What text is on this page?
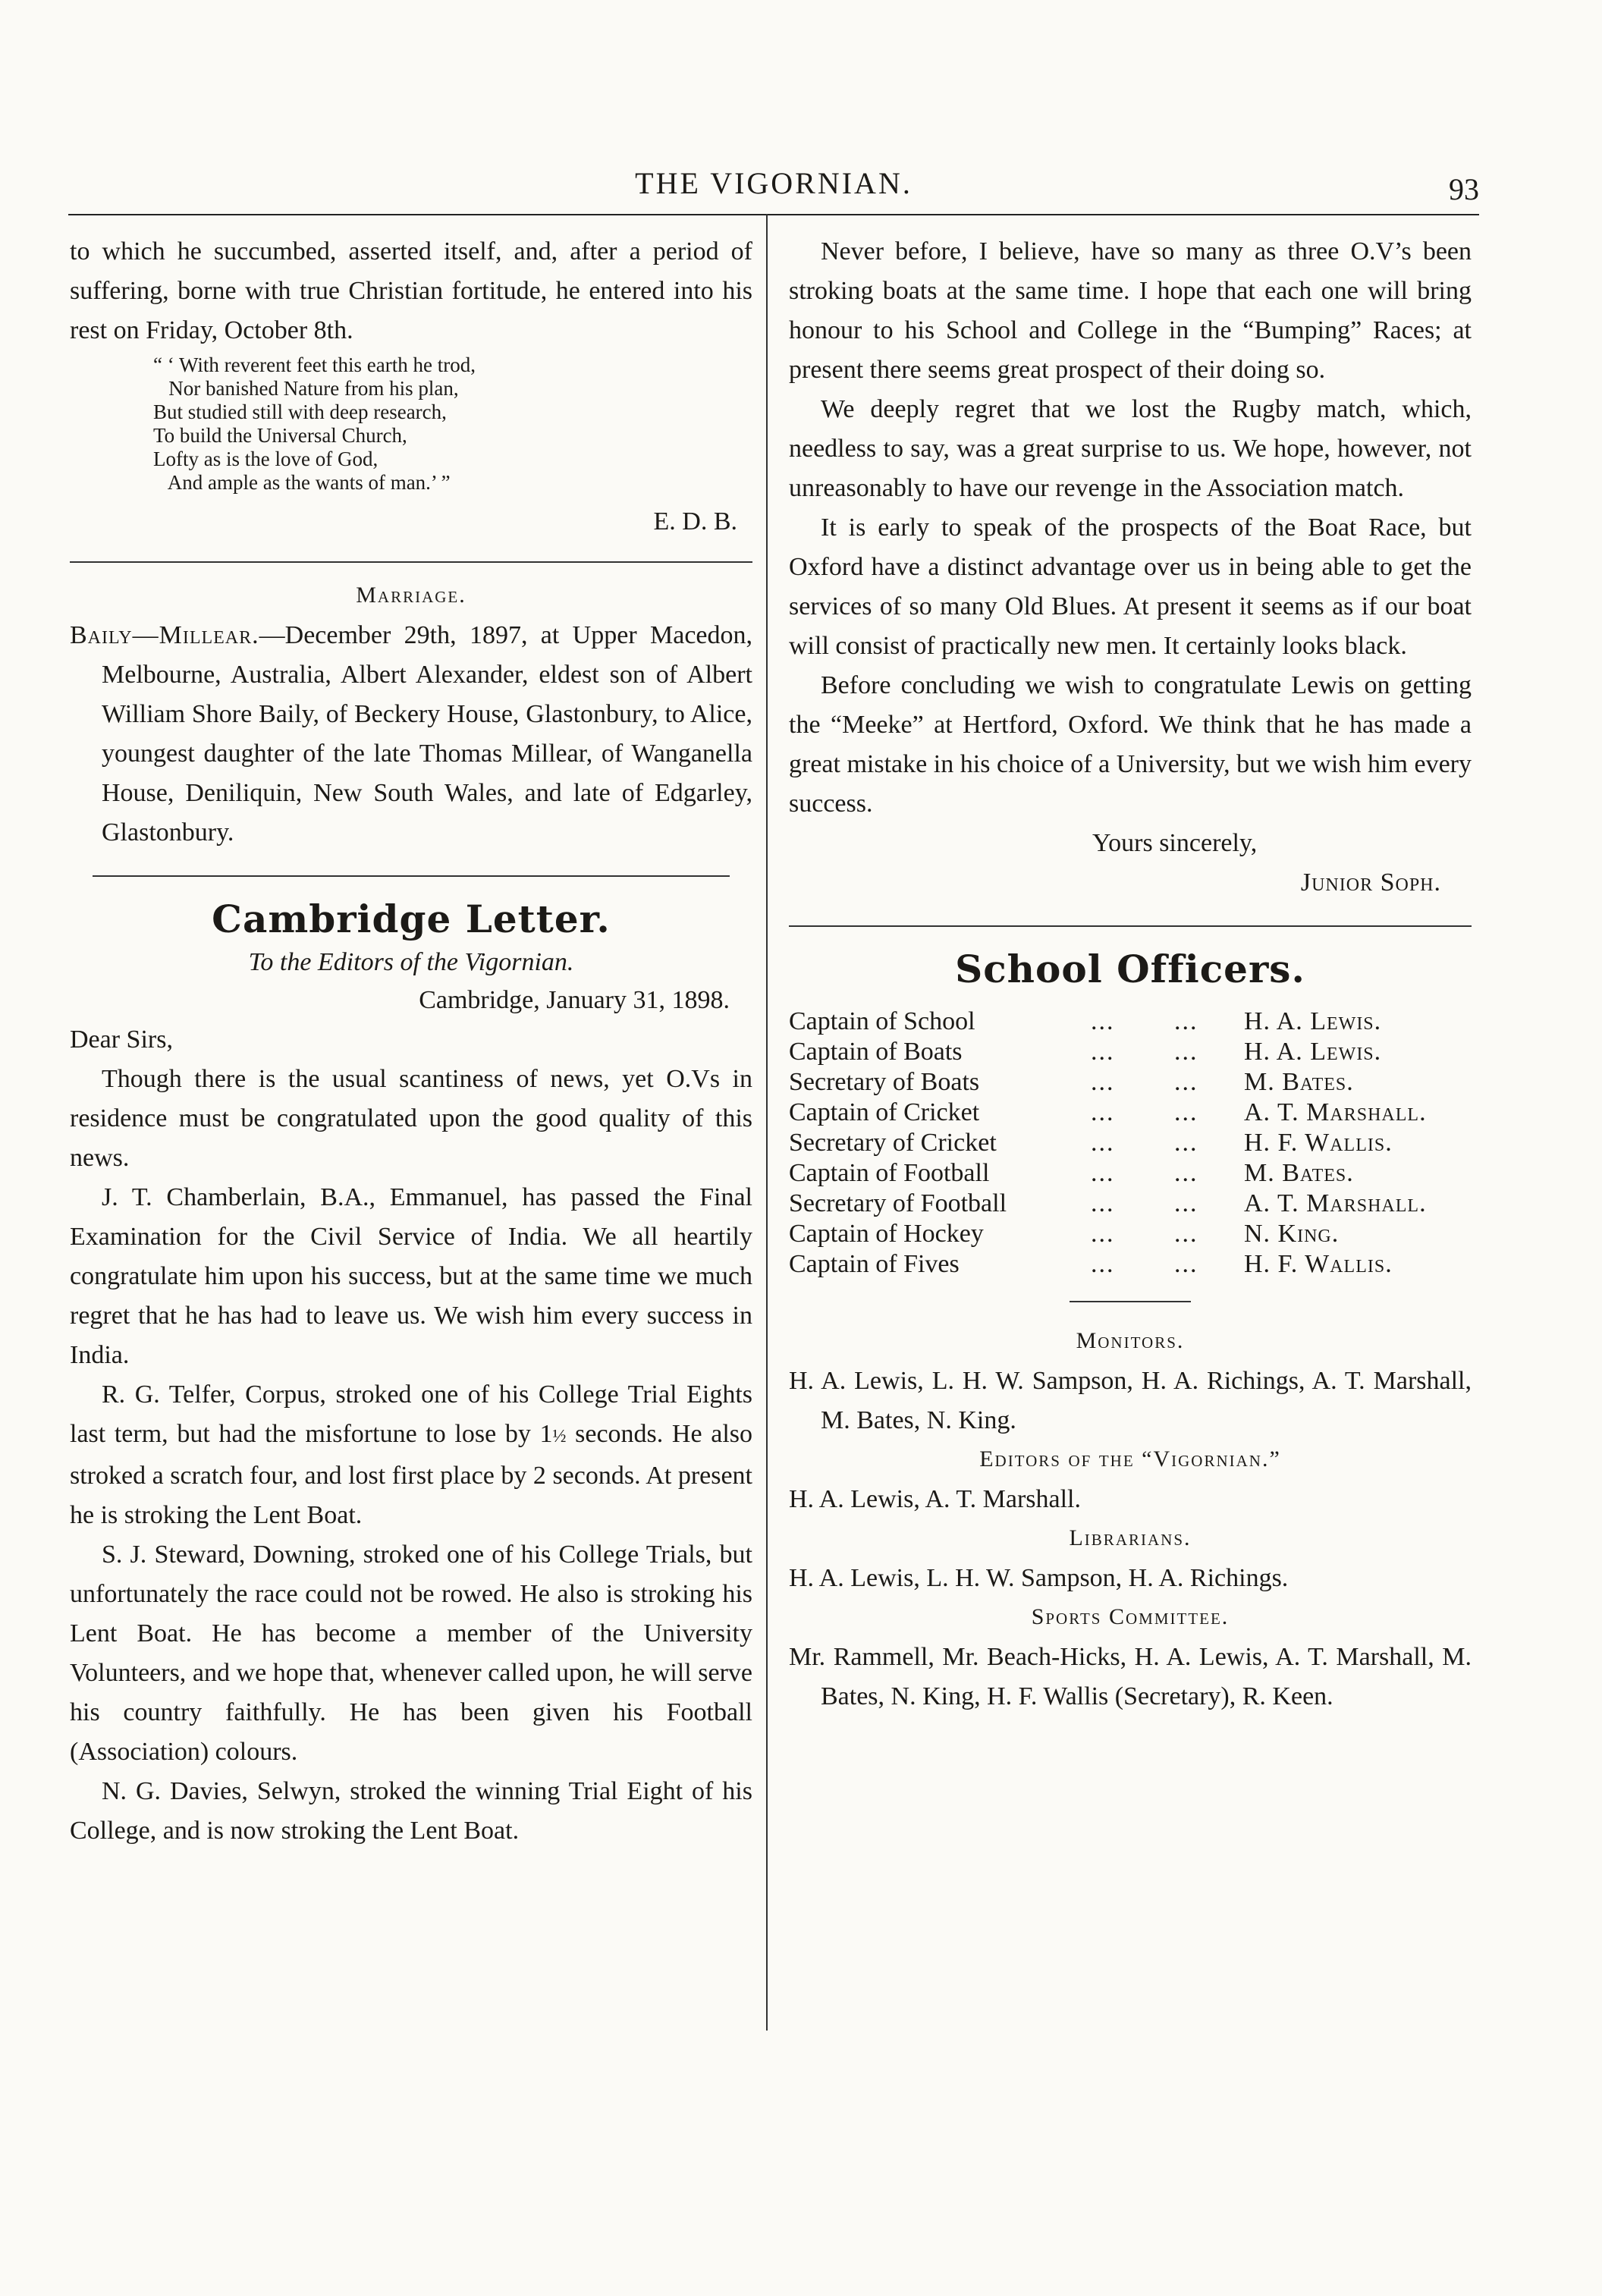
THE VIGORNIAN.	93

to which he succumbed, asserted itself, and, after a period of suffering, borne with true Christian fortitude, he entered into his rest on Friday, October 8th.

“ ‘ With reverent feet this earth he trod,
Nor banished Nature from his plan,
But studied still with deep research,
To build the Universal Church,
Lofty as is the love of God,
And ample as the wants of man.’ ”
E. D. B.
Marriage.

Baily—Millear.—December 29th, 1897, at Upper Macedon, Melbourne, Australia, Albert Alexander, eldest son of Albert William Shore Baily, of Beckery House, Glastonbury, to Alice, youngest daughter of the late Thomas Millear, of Wanganella House, Deniliquin, New South Wales, and late of Edgarley, Glastonbury.

Cambridge Letter.
To the Editors of the Vigornian.
Cambridge, January 31, 1898.
Dear Sirs,

Though there is the usual scantiness of news, yet O.Vs in residence must be congratulated upon the good quality of this news.

J. T. Chamberlain, B.A., Emmanuel, has passed the Final Examination for the Civil Service of India. We all heartily congratulate him upon his success, but at the same time we much regret that he has had to leave us. We wish him every success in India.

R. G. Telfer, Corpus, stroked one of his College Trial Eights last term, but had the misfortune to lose by 1½ seconds. He also stroked a scratch four, and lost first place by 2 seconds. At present he is stroking the Lent Boat.

S. J. Steward, Downing, stroked one of his College Trials, but unfortunately the race could not be rowed. He also is stroking his Lent Boat. He has become a member of the University Volunteers, and we hope that, whenever called upon, he will serve his country faithfully. He has been given his Football (Association) colours.

N. G. Davies, Selwyn, stroked the winning Trial Eight of his College, and is now stroking the Lent Boat.

Never before, I believe, have so many as three O.V’s been stroking boats at the same time. I hope that each one will bring honour to his School and College in the “Bumping” Races; at present there seems great prospect of their doing so.

We deeply regret that we lost the Rugby match, which, needless to say, was a great surprise to us. We hope, however, not unreasonably to have our revenge in the Association match.

It is early to speak of the prospects of the Boat Race, but Oxford have a distinct advantage over us in being able to get the services of so many Old Blues. At present it seems as if our boat will consist of practically new men. It certainly looks black.

Before concluding we wish to congratulate Lewis on getting the “Meeke” at Hertford, Oxford. We think that he has made a great mistake in his choice of a University, but we wish him every success.

Yours sincerely,
Junior Soph.
School Officers.
Captain of School	... ... H. A. Lewis.
Captain of Boats	... ... H. A. Lewis.
Secretary of Boats	... ... M. Bates.
Captain of Cricket	... ... A. T. Marshall.
Secretary of Cricket	... ... H. F. Wallis.
Captain of Football	... ... M. Bates.
Secretary of Football	... ... A. T. Marshall.
Captain of Hockey	... ... N. King.
Captain of Fives	... ... H. F. Wallis.
Monitors.

H. A. Lewis, L. H. W. Sampson, H. A. Richings, A. T. Marshall, M. Bates, N. King.

Editors of the “Vigornian.”

H. A. Lewis, A. T. Marshall.

Librarians.

H. A. Lewis, L. H. W. Sampson, H. A. Richings.

Sports Committee.

Mr. Rammell, Mr. Beach-Hicks, H. A. Lewis, A. T. Marshall, M. Bates, N. King, H. F. Wallis (Secretary), R. Keen.
